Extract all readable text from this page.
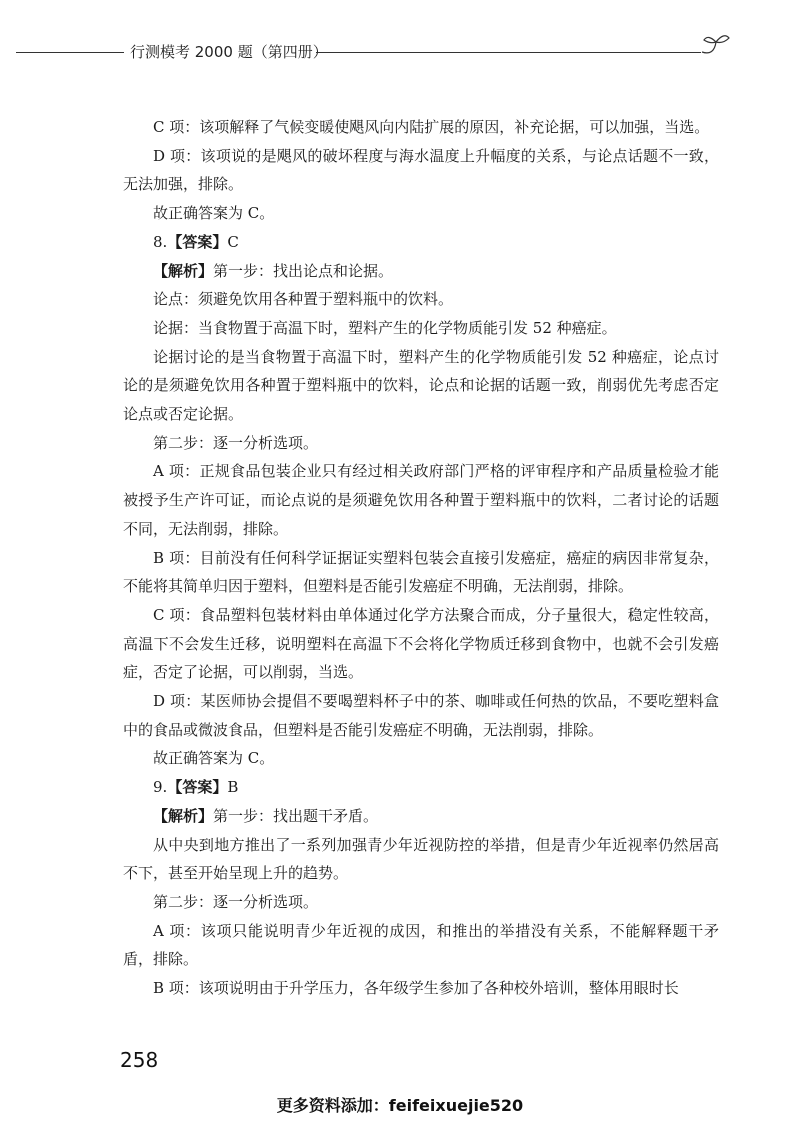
行测模考 2000 题（第四册）

C 项：该项解释了气候变暖使飓风向内陆扩展的原因，补充论据，可以加强，当选。

D 项：该项说的是飓风的破坏程度与海水温度上升幅度的关系，与论点话题不一致，无法加强，排除。

故正确答案为 C。

8.【答案】C

【解析】第一步：找出论点和论据。

论点：须避免饮用各种置于塑料瓶中的饮料。

论据：当食物置于高温下时，塑料产生的化学物质能引发 52 种癌症。

论据讨论的是当食物置于高温下时，塑料产生的化学物质能引发 52 种癌症，论点讨论的是须避免饮用各种置于塑料瓶中的饮料，论点和论据的话题一致，削弱优先考虑否定论点或否定论据。

第二步：逐一分析选项。

A 项：正规食品包装企业只有经过相关政府部门严格的评审程序和产品质量检验才能被授予生产许可证，而论点说的是须避免饮用各种置于塑料瓶中的饮料，二者讨论的话题不同，无法削弱，排除。

B 项：目前没有任何科学证据证实塑料包装会直接引发癌症，癌症的病因非常复杂，不能将其简单归因于塑料，但塑料是否能引发癌症不明确，无法削弱，排除。

C 项：食品塑料包装材料由单体通过化学方法聚合而成，分子量很大，稳定性较高，高温下不会发生迁移，说明塑料在高温下不会将化学物质迁移到食物中，也就不会引发癌症，否定了论据，可以削弱，当选。

D 项：某医师协会提倡不要喝塑料杯子中的茶、咖啡或任何热的饮品，不要吃塑料盒中的食品或微波食品，但塑料是否能引发癌症不明确，无法削弱，排除。

故正确答案为 C。

9.【答案】B

【解析】第一步：找出题干矛盾。

从中央到地方推出了一系列加强青少年近视防控的举措，但是青少年近视率仍然居高不下，甚至开始呈现上升的趋势。

第二步：逐一分析选项。

A 项：该项只能说明青少年近视的成因，和推出的举措没有关系，不能解释题干矛盾，排除。

B 项：该项说明由于升学压力，各年级学生参加了各种校外培训，整体用眼时长

258
更多资料添加：feifeixuejie520
